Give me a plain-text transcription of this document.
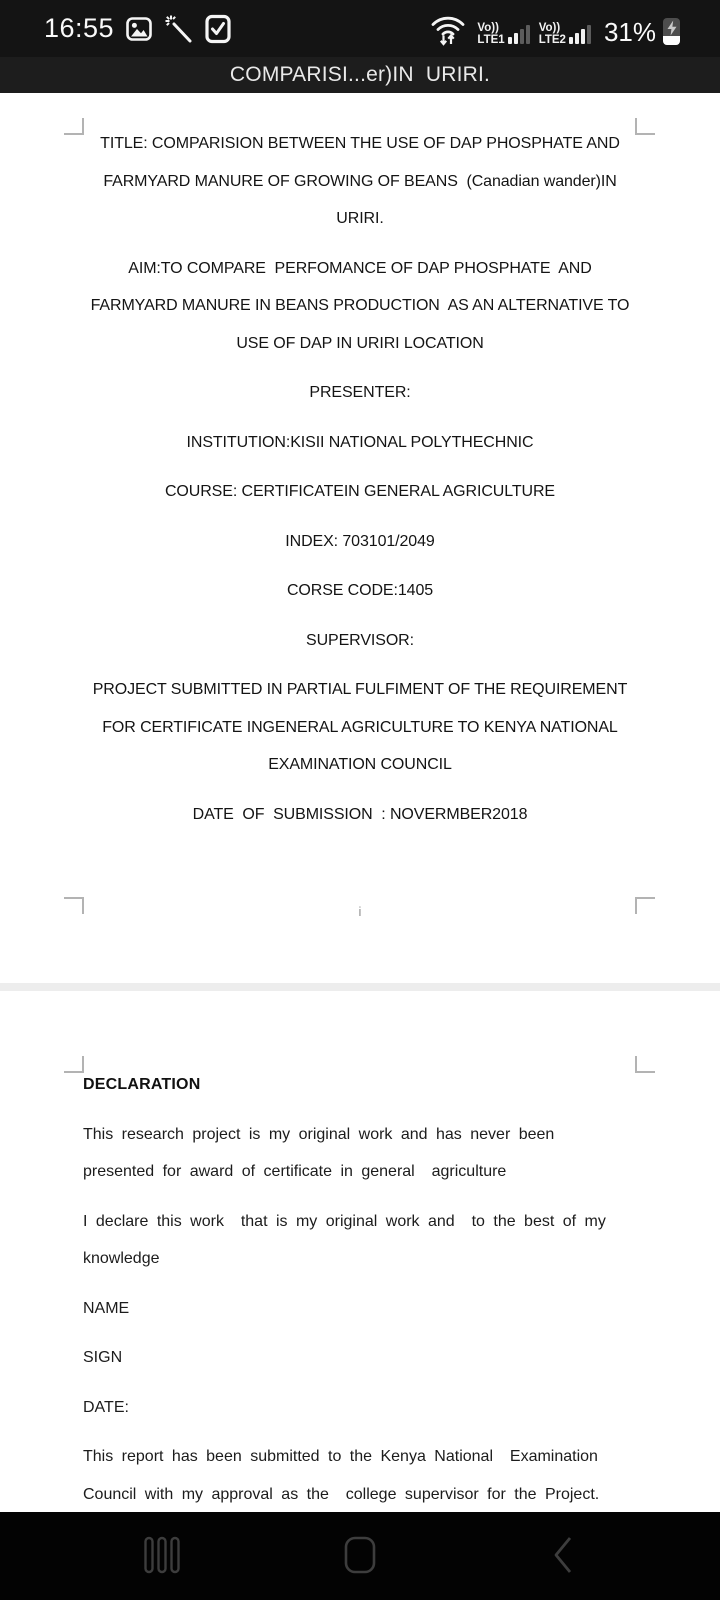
16:55	Vo))
LTE1
Vo))
LTE2 31%
COMPARISI...er)IN  URIRI.
TITLE: COMPARISION BETWEEN THE USE OF DAP PHOSPHATE AND
FARMYARD MANURE OF GROWING OF BEANS  (Canadian wander)IN
URIRI.
AIM:TO COMPARE  PERFOMANCE OF DAP PHOSPHATE  AND
FARMYARD MANURE IN BEANS PRODUCTION  AS AN ALTERNATIVE TO
USE OF DAP IN URIRI LOCATION
PRESENTER:
INSTITUTION:KISII NATIONAL POLYTHECHNIC
COURSE: CERTIFICATEIN GENERAL AGRICULTURE
INDEX: 703101/2049
CORSE CODE:1405
SUPERVISOR:
PROJECT SUBMITTED IN PARTIAL FULFIMENT OF THE REQUIREMENT
FOR CERTIFICATE INGENERAL AGRICULTURE TO KENYA NATIONAL
EXAMINATION COUNCIL
DATE  OF  SUBMISSION  : NOVERMBER2018
i
DECLARATION
This research project is my original work and has never been
presented for award of certificate in general  agriculture
I declare this work  that is my original work and  to the best of my
knowledge
NAME
SIGN
DATE:
This report has been submitted to the Kenya National  Examination
Council with my approval as the  college supervisor for the Project.
